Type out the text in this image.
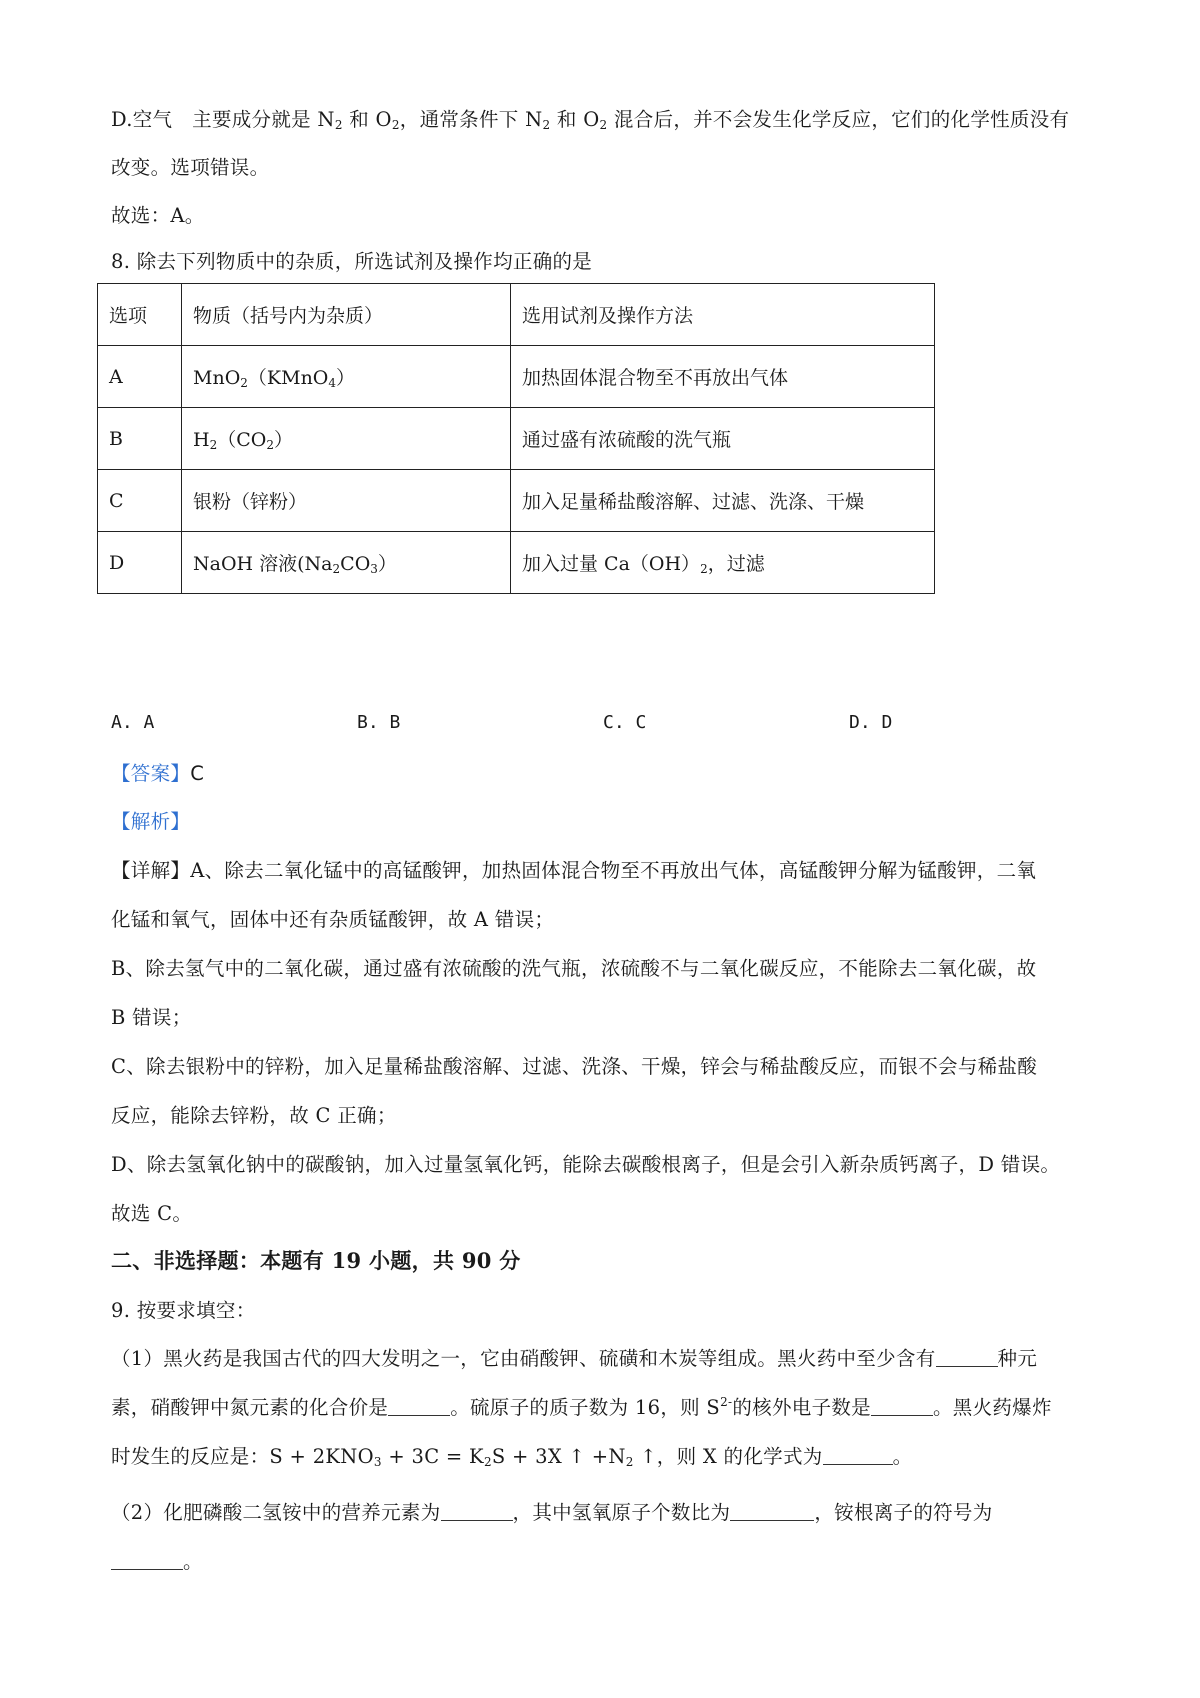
D.空气　主要成分就是 $N_2$ 和 $O_2$，通常条件下 $N_2$ 和 $O_2$ 混合后，并不会发生化学反应，它们的化学性质没有
改变。选项错误。
故选：A。
8. 除去下列物质中的杂质，所选试剂及操作均正确的是
选项	物质（括号内为杂质）	选用试剂及操作方法
A	MnO$_2$（KMnO$_4$）	加热固体混合物至不再放出气体
B	$H_2(CO_2)$	通过盛有浓硫酸的洗气瓶
C	银粉（锌粉）	加入足量稀盐酸溶解、过滤、洗涤、干燥
D	NaOH 溶液$(Na_2CO_3)$	加入过量 $Ca(OH)_2$，过滤
A. A	B. B	C. C	D. D
【答案】C
【解析】
【详解】A、除去二氧化锰中的高锰酸钾，加热固体混合物至不再放出气体，高锰酸钾分解为锰酸钾，二氧
化锰和氧气，固体中还有杂质锰酸钾，故 A 错误；
B、除去氢气中的二氧化碳，通过盛有浓硫酸的洗气瓶，浓硫酸不与二氧化碳反应，不能除去二氧化碳，故
B 错误；
C、除去银粉中的锌粉，加入足量稀盐酸溶解、过滤、洗涤、干燥，锌会与稀盐酸反应，而银不会与稀盐酸
反应，能除去锌粉，故 C 正确；
D、除去氢氧化钠中的碳酸钠，加入过量氢氧化钙，能除去碳酸根离子，但是会引入新杂质钙离子，D 错误。
故选 C。
二、非选择题：本题有 19 小题，共 90 分
9. 按要求填空：
（1）黑火药是我国古代的四大发明之一，它由硝酸钾、硫磺和木炭等组成。黑火药中至少含有	种元
素，硝酸钾中氮元素的化合价是	。硫原子的质子数为 16，则 $S^{2-}$的核外电子数是	。黑火药爆炸
时发生的反应是：$S + 2KNO_3 + 3C = K_2S + 3X$ ↑ $+N_2$ ↑，则 X 的化学式为	。
（2）化肥磷酸二氢铵中的营养元素为	，其中氢氧原子个数比为	，铵根离子的符号为
。
